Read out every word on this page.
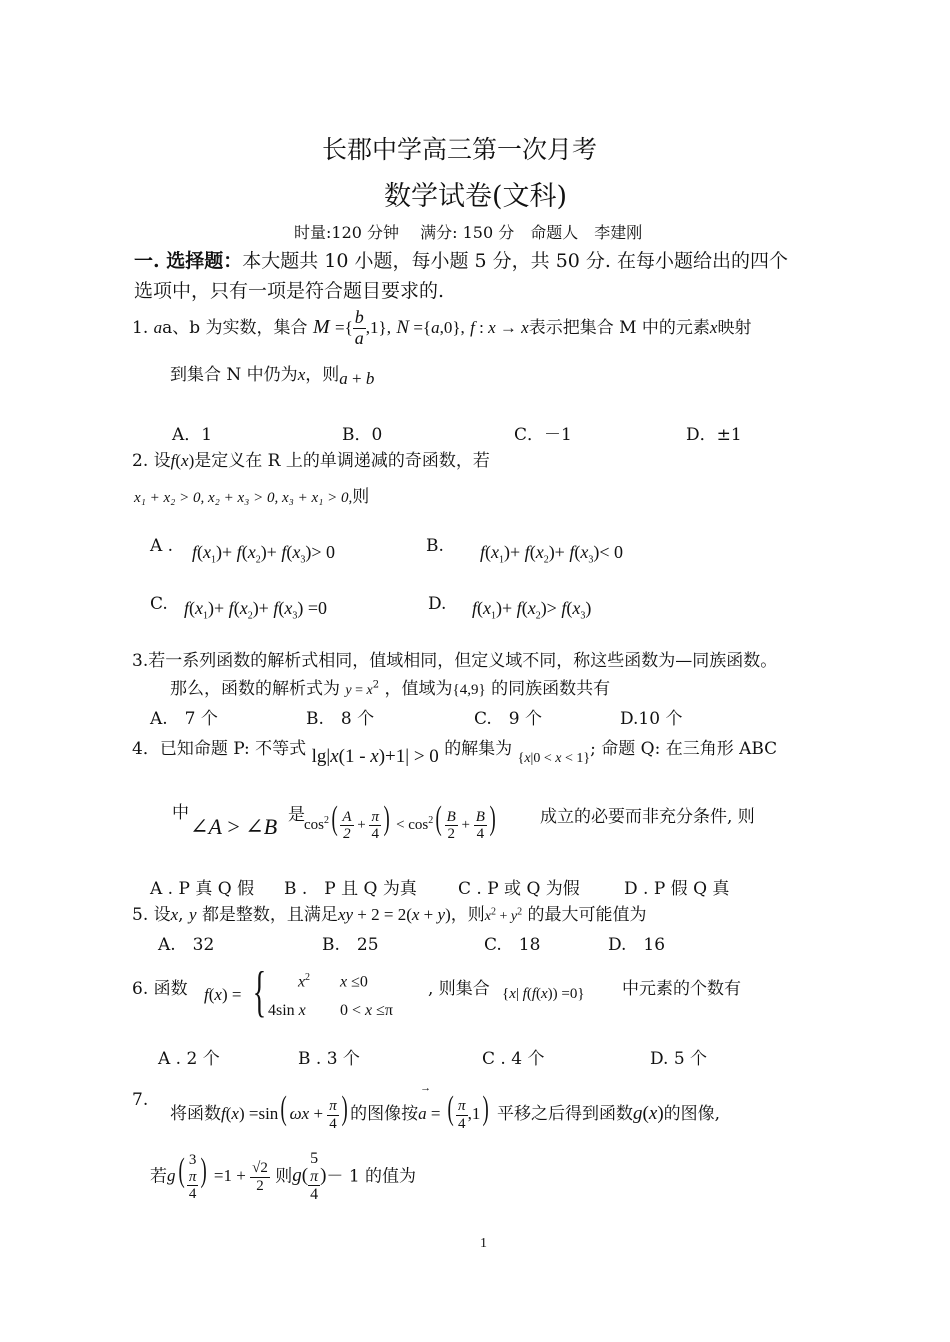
长郡中学高三第一次月考
数学试卷(文科)
时量:120 分钟　 满分: 150 分　命题人　李建刚
一. 选择题：本大题共 10 小题，每小题 5 分，共 50 分. 在每小题给出的四个
选项中，只有一项是符合题目要求的.
1. aa、b 为实数，集合 M ={ $\frac{b}{a} ,1$}, N ={a,0}, f : x → x表示把集合 M 中的元素x映射
到集合 N 中仍为x，则a + b
A．1	B．0	C．－1	D．±1
2. 设f(x)是定义在 R 上的单调递减的奇函数，若
x₁ + x₂ > 0, x₂ + x₃ > 0, x₃ + x₁ > 0,则
A . $f(x_1)+ f(x_2)+ f(x_3)> 0$	B. $f(x_1)+ f(x_2)+ f(x_3)< 0$
C. $f(x_1)+ f(x_2)+ f(x_3) =0$	D. $f(x_1)+ f(x_2)> f(x_3)$
3.若一系列函数的解析式相同，值域相同，但定义域不同，称这些函数为—同族函数。
那么，函数的解析式为 $y = x^2$ ，值域为{4,9} 的同族函数共有
A.　7 个	B.　8 个	C.　9 个	D.10 个
4．已知命题 P: 不等式 lg|x(1 - x)+1| > 0 的解集为 $_{\{x|0 < x < 1\}}$; 命题 Q: 在三角形 ABC
中
∠A > ∠B 是 $\cos^2( \frac{A}{2} + \frac{\pi}{4}$ ) < $\cos^2( \frac{B}{2} + \frac{B}{4}$ )	成立的必要而非充分条件, 则
A . P 真 Q 假 B .　P 且 Q 为真 C . P 或 Q 为假	D . P 假 Q 真
5. 设x, y 都是整数，且满足xy + 2 = 2(x + y)，则$x^2 + y^2$ 的最大可能值为
A.　32	B.　25	C.　18	D.　16
6. 函数 f(x) = {	$x^2$ x ≤0
4sin x 0 < x ≤π
, 则集合 {x| f(f(x)) =0} 中元素的个数有
A . 2 个	B . 3 个	C . 4 个	D. 5 个
7.
将函数f(x) =sin( $\omega x + \frac{\pi}{4}$ ) 的图像按
→
a = ( $\frac{\pi}{4} ,1$) 平移之后得到函数g(x)的图像,
若g( 3
π
4 ) $=1 + \frac{√2}{2}$ 则g( 5
π
4 )－ 1 的值为
1
